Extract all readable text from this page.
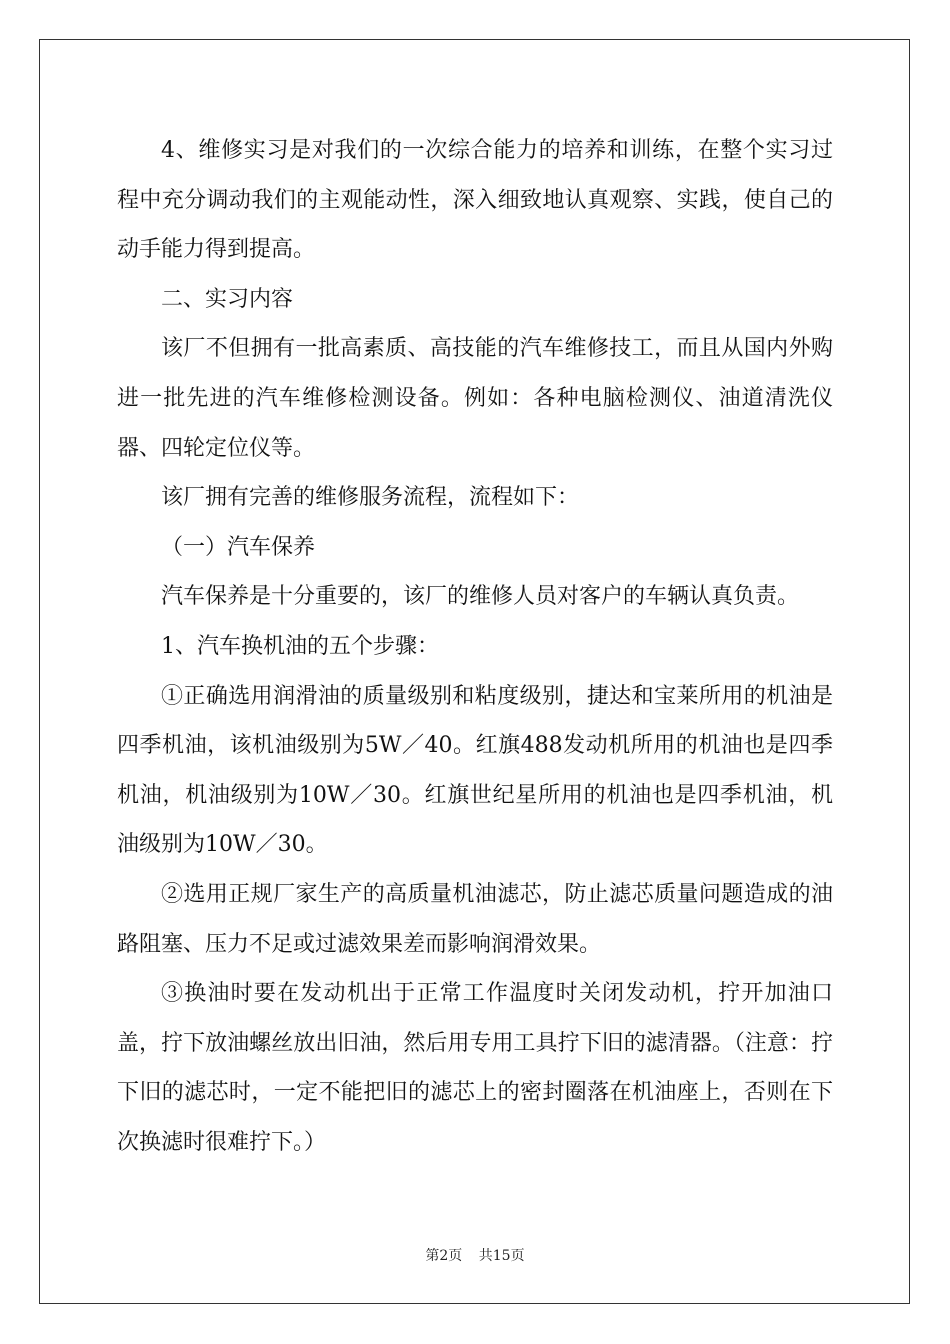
4、维修实习是对我们的一次综合能力的培养和训练，在整个实习过程中充分调动我们的主观能动性，深入细致地认真观察、实践，使自己的动手能力得到提高。

二、实习内容

该厂不但拥有一批高素质、高技能的汽车维修技工，而且从国内外购进一批先进的汽车维修检测设备。例如：各种电脑检测仪、油道清洗仪器、四轮定位仪等。

该厂拥有完善的维修服务流程，流程如下：

（一）汽车保养

汽车保养是十分重要的，该厂的维修人员对客户的车辆认真负责。

1、汽车换机油的五个步骤：

①正确选用润滑油的质量级别和粘度级别，捷达和宝莱所用的机油是四季机油，该机油级别为5W／40。红旗488发动机所用的机油也是四季机油，机油级别为10W／30。红旗世纪星所用的机油也是四季机油，机油级别为10W／30。

②选用正规厂家生产的高质量机油滤芯，防止滤芯质量问题造成的油路阻塞、压力不足或过滤效果差而影响润滑效果。

③换油时要在发动机出于正常工作温度时关闭发动机，拧开加油口盖，拧下放油螺丝放出旧油，然后用专用工具拧下旧的滤清器。（注意：拧下旧的滤芯时，一定不能把旧的滤芯上的密封圈落在机油座上，否则在下次换滤时很难拧下。）

第2页 共15页
